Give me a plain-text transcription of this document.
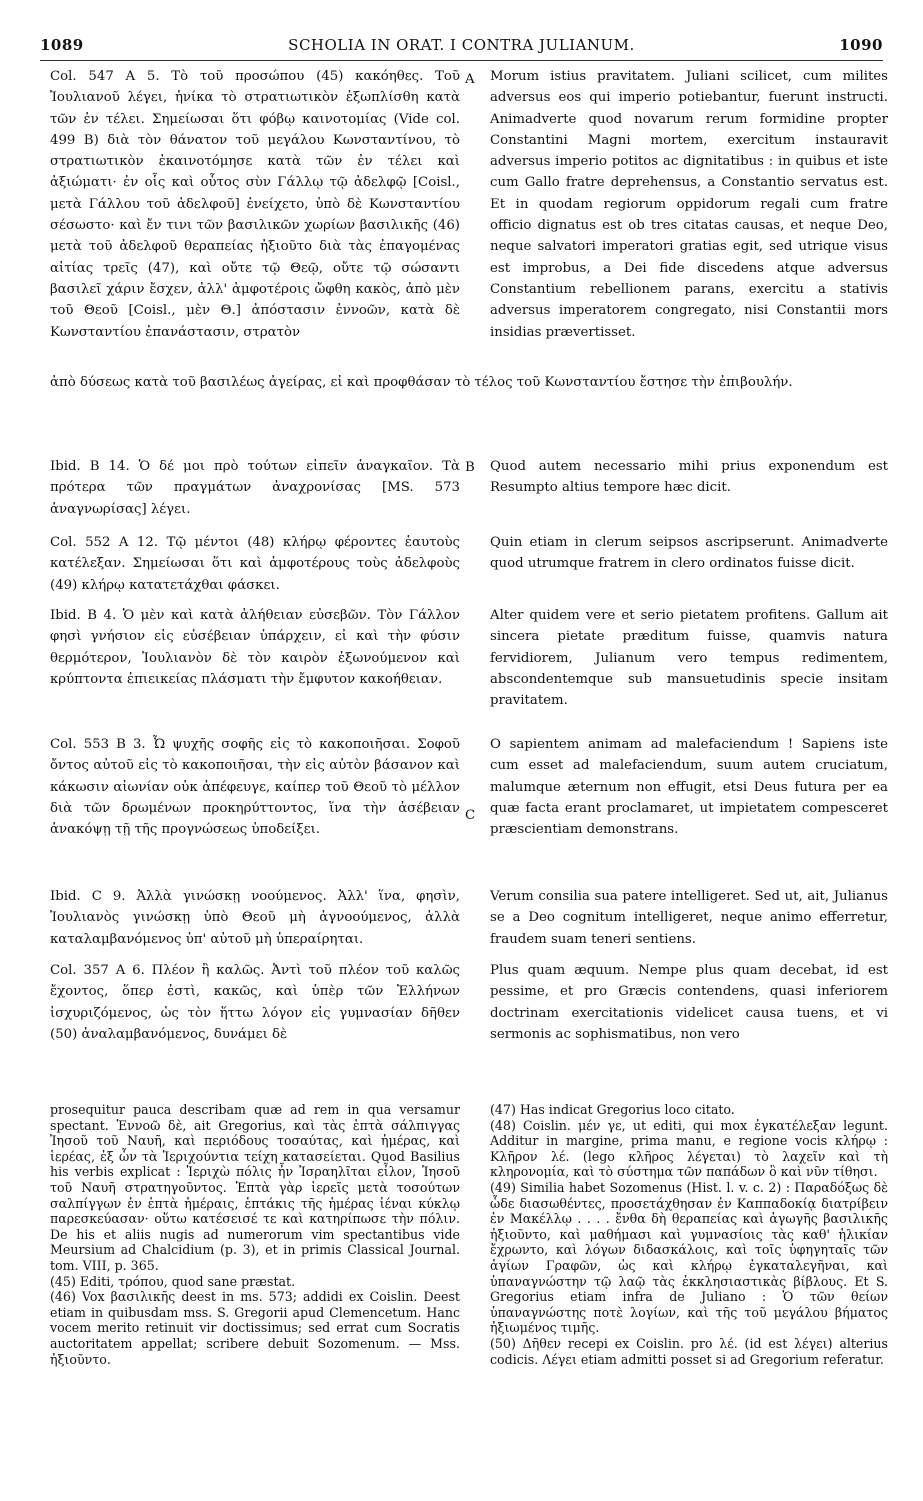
1089	SCHOLIA IN ORAT. I CONTRA JULIANUM.	1090
A
B
C

Col. 547 A 5. Τὸ τοῦ προσώπου (45) κακόηθες. Τοῦ Ἰουλιανοῦ λέγει, ἡνίκα τὸ στρατιωτικὸν ἐξωπλίσθη κατὰ τῶν ἐν τέλει. Σημείωσαι ὅτι φόβῳ καινοτομίας (Vide col. 499 B) διὰ τὸν θάνατον τοῦ μεγάλου Κωνσταντίνου, τὸ στρατιωτικὸν ἐκαινοτόμησε κατὰ τῶν ἐν τέλει καὶ ἀξιώματι· ἐν οἷς καὶ οὗτος σὺν Γάλλῳ τῷ ἀδελφῷ [Coisl., μετὰ Γάλλου τοῦ ἀδελφοῦ] ἐνείχετο, ὑπὸ δὲ Κωνσταντίου σέσωστο· καὶ ἔν τινι τῶν βασιλικῶν χωρίων βασιλικῆς (46) μετὰ τοῦ ἀδελφοῦ θεραπείας ἠξιοῦτο διὰ τὰς ἐπαγομένας αἰτίας τρεῖς (47), καὶ οὔτε τῷ Θεῷ, οὔτε τῷ σώσαντι βασιλεῖ χάριν ἔσχεν, ἀλλ' ἀμφοτέροις ὤφθη κακὸς, ἀπὸ μὲν τοῦ Θεοῦ [Coisl., μὲν Θ.] ἀπόστασιν ἐννοῶν, κατὰ δὲ Κωνσταντίου ἐπανάστασιν, στρατὸν

Morum istius pravitatem. Juliani scilicet, cum milites adversus eos qui imperio potiebantur, fuerunt instructi. Animadverte quod novarum rerum formidine propter Constantini Magni mortem, exercitum instauravit adversus imperio potitos ac dignitatibus : in quibus et iste cum Gallo fratre deprehensus, a Constantio servatus est. Et in quodam regiorum oppidorum regali cum fratre officio dignatus est ob tres citatas causas, et neque Deo, neque salvatori imperatori gratias egit, sed utrique visus est improbus, a Dei fide discedens atque adversus Constantium rebellionem parans, exercitu a stativis adversus imperatorem congregato, nisi Constantii mors insidias prævertisset.

ἀπὸ δύσεως κατὰ τοῦ βασιλέως ἀγείρας, εἰ καὶ προφθάσαν τὸ τέλος τοῦ Κωνσταντίου ἔστησε τὴν ἐπιβουλήν.

Ibid. B 14. Ὁ δέ μοι πρὸ τούτων εἰπεῖν ἀναγκαῖον. Τὰ πρότερα τῶν πραγμάτων ἀναχρονίσας [MS. 573 ἀναγνωρίσας] λέγει.

Quod autem necessario mihi prius exponendum est Resumpto altius tempore hæc dicit.

Col. 552 A 12. Τῷ μέντοι (48) κλήρῳ φέροντες ἑαυτοὺς κατέλεξαν. Σημείωσαι ὅτι καὶ ἀμφοτέρους τοὺς ἀδελφοὺς (49) κλήρῳ κατατετάχθαι φάσκει.

Quin etiam in clerum seipsos ascripserunt. Animadverte quod utrumque fratrem in clero ordinatos fuisse dicit.

Ibid. B 4. Ὁ μὲν καὶ κατὰ ἀλήθειαν εὐσεβῶν. Τὸν Γάλλον φησὶ γνήσιον εἰς εὐσέβειαν ὑπάρχειν, εἰ καὶ τὴν φύσιν θερμότερον, Ἰουλιανὸν δὲ τὸν καιρὸν ἐξωνούμενον καὶ κρύπτοντα ἐπιεικείας πλάσματι τὴν ἔμφυτον κακοήθειαν.

Alter quidem vere et serio pietatem profitens. Gallum ait sincera pietate præditum fuisse, quamvis natura fervidiorem, Julianum vero tempus redimentem, abscondentemque sub mansuetudinis specie insitam pravitatem.

Col. 553 B 3. Ὦ ψυχῆς σοφῆς εἰς τὸ κακοποιῆσαι. Σοφοῦ ὄντος αὐτοῦ εἰς τὸ κακοποιῆσαι, τὴν εἰς αὐτὸν βάσανον καὶ κάκωσιν αἰωνίαν οὐκ ἀπέφευγε, καίπερ τοῦ Θεοῦ τὸ μέλλον διὰ τῶν δρωμένων προκηρύττοντος, ἵνα τὴν ἀσέβειαν ἀνακόψῃ τῇ τῆς προγνώσεως ὑποδείξει.

O sapientem animam ad malefaciendum ! Sapiens iste cum esset ad malefaciendum, suum autem cruciatum, malumque æternum non effugit, etsi Deus futura per ea quæ facta erant proclamaret, ut impietatem compesceret præscientiam demonstrans.

Ibid. C 9. Ἀλλὰ γινώσκῃ νοούμενος. Ἀλλ' ἵνα, φησὶν, Ἰουλιανὸς γινώσκῃ ὑπὸ Θεοῦ μὴ ἀγνοούμενος, ἀλλὰ καταλαμβανόμενος ὑπ' αὐτοῦ μὴ ὑπεραίρηται.

Verum consilia sua patere intelligeret. Sed ut, ait, Julianus se a Deo cognitum intelligeret, neque animo efferretur, fraudem suam teneri sentiens.

Col. 357 A 6. Πλέον ἢ καλῶς. Ἀντὶ τοῦ πλέον τοῦ καλῶς ἔχοντος, ὅπερ ἐστὶ, κακῶς, καὶ ὑπὲρ τῶν Ἑλλήνων ἰσχυριζόμενος, ὡς τὸν ἥττω λόγον εἰς γυμνασίαν δῆθεν (50) ἀναλαμβανόμενος, δυνάμει δὲ

Plus quam æquum. Nempe plus quam decebat, id est pessime, et pro Græcis contendens, quasi inferiorem doctrinam exercitationis videlicet causa tuens, et vi sermonis ac sophismatibus, non vero

prosequitur pauca describam quæ ad rem in qua versamur spectant. Ἐννοῶ δὲ, ait Gregorius, καὶ τὰς ἑπτὰ σάλπιγγας Ἰησοῦ τοῦ Ναυῆ, καὶ περιόδους τοσαύτας, καὶ ἡμέρας, καὶ ἱερέας, ἐξ ὧν τὰ Ἱεριχούντια τείχη κατασείεται. Quod Basilius his verbis explicat : Ἱεριχὼ πόλις ἦν Ἰσραηλῖται εἶλον, Ἰησοῦ τοῦ Ναυῆ στρατηγοῦντος. Ἑπτὰ γὰρ ἱερεῖς μετὰ τοσούτων σαλπίγγων ἐν ἑπτὰ ἡμέραις, ἑπτάκις τῆς ἡμέρας ἰέναι κύκλῳ παρεσκεύασαν· οὕτω κατέσεισέ τε καὶ κατηρίπωσε τὴν πόλιν. De his et aliis nugis ad numerorum vim spectantibus vide Meursium ad Chalcidium (p. 3), et in primis Classical Journal. tom. VIII, p. 365.

(45) Editi, τρόπου, quod sane præstat.

(46) Vox βασιλικῆς deest in ms. 573; addidi ex Coislin. Deest etiam in quibusdam mss. S. Gregorii apud Clemencetum. Hanc vocem merito retinuit vir doctissimus; sed errat cum Socratis auctoritatem appellat; scribere debuit Sozomenum. — Mss. ἠξιοῦντο.

(47) Has indicat Gregorius loco citato.

(48) Coislin. μέν γε, ut editi, qui mox ἐγκατέλεξαν legunt. Additur in margine, prima manu, e regione vocis κλήρῳ : Κλῆρον λέ. (lego κλῆρος λέγεται) τὸ λαχεῖν καὶ τὴ κληρονομία, καὶ τὸ σύστημα τῶν παπάδων ὃ καὶ νῦν τίθησι.

(49) Similia habet Sozomenus (Hist. l. v. c. 2) : Παραδόξως δὲ ὧδε διασωθέντες, προσετάχθησαν ἐν Καππαδοκίᾳ διατρίβειν ἐν Μακέλλῳ . . . . ἔνθα δὴ θεραπείας καὶ ἀγωγῆς βασιλικῆς ἠξιοῦντο, καὶ μαθήμασι καὶ γυμνασίοις τὰς καθ' ἡλικίαν ἔχρωντο, καὶ λόγων διδασκάλοις, καὶ τοῖς ὑφηγηταῖς τῶν ἁγίων Γραφῶν, ὡς καὶ κλήρῳ ἐγκαταλεγῆναι, καὶ ὑπαναγνώστην τῷ λαῷ τὰς ἐκκλησιαστικὰς βίβλους. Et S. Gregorius etiam infra de Juliano : Ὁ τῶν θείων ὑπαναγνώστης ποτὲ λογίων, καὶ τῆς τοῦ μεγάλου βήματος ἠξιωμένος τιμῆς.

(50) Δῆθεν recepi ex Coislin. pro λέ. (id est λέγει) alterius codicis. Λέγει etiam admitti posset si ad Gregorium referatur.
